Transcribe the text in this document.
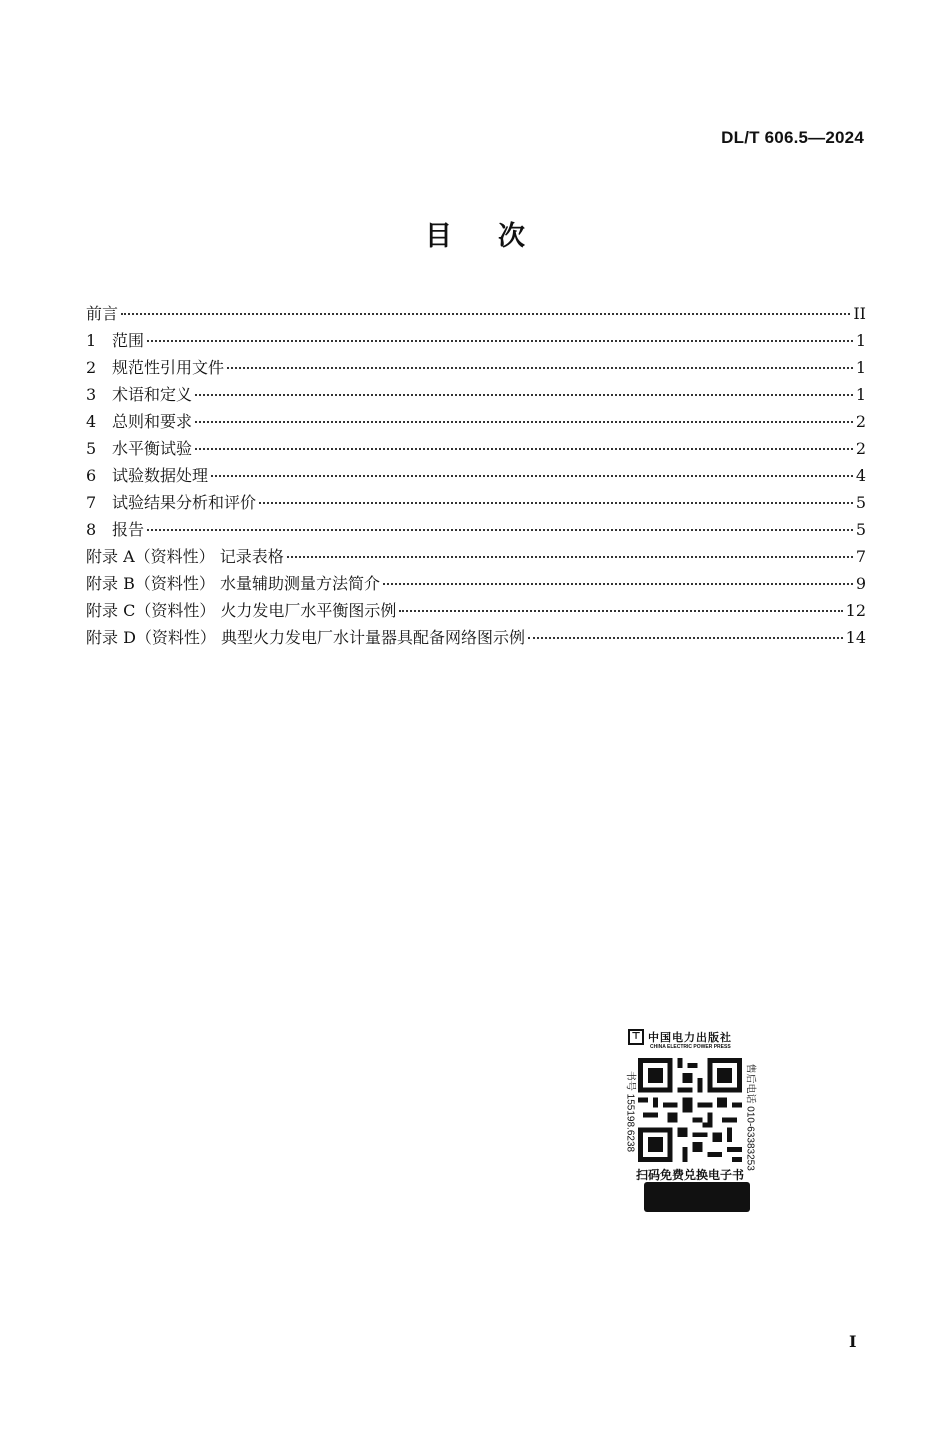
DL/T 606.5—2024
目 次
前言	II
1 范围	1
2 规范性引用文件	1
3 术语和定义	1
4 总则和要求	2
5 水平衡试验	2
6 试验数据处理	4
7 试验结果分析和评价	5
8 报告	5
附录 A（资料性） 记录表格	7
附录 B（资料性） 水量辅助测量方法简介	9
附录 C（资料性） 火力发电厂水平衡图示例	12
附录 D（资料性） 典型火力发电厂水计量器具配备网络图示例	14
⊤ 中国电力出版社
CHINA ELECTRIC POWER PRESS
书号 155198.6238	售后电话 010-63383253
扫码免费兑换电子书
I
